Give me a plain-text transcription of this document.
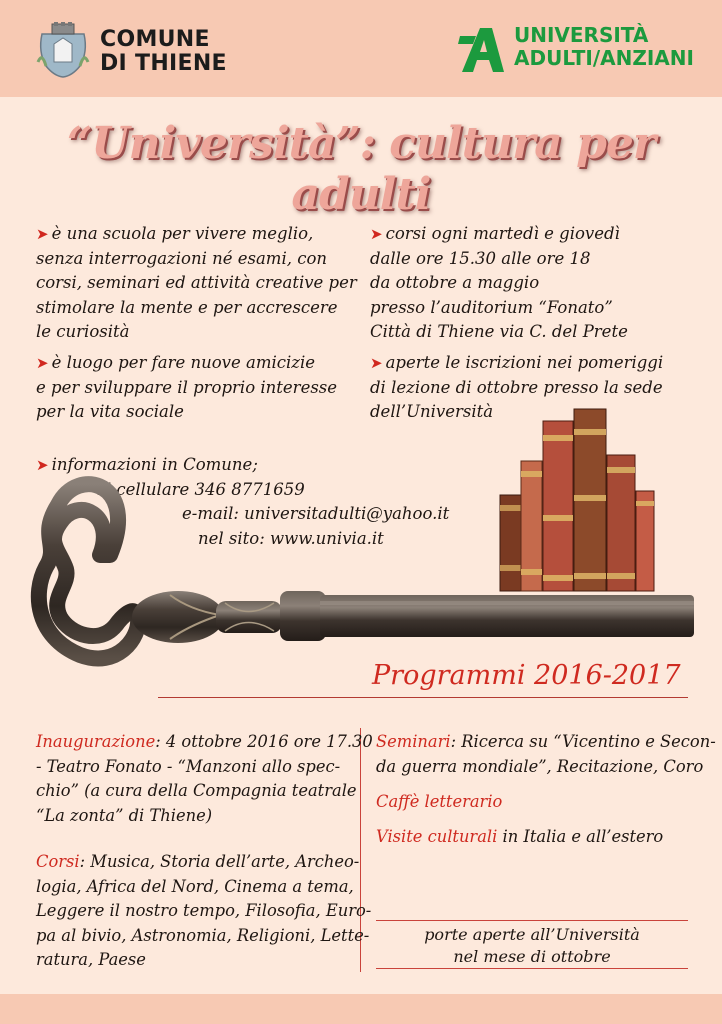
COMUNE
DI THIENE
UNIVERSITÀ
ADULTI/ANZIANI
“Università”: cultura per adulti
➤ è una scuola per vivere meglio,
senza interrogazioni né esami, con
corsi, seminari ed attività creative per
stimolare la mente e per accrescere
le curiosità
➤ è luogo per fare nuove amicizie
e per sviluppare il proprio interesse
per la vita sociale
➤ corsi ogni martedì e giovedì
dalle ore 15.30 alle ore 18
da ottobre a maggio
presso l’auditorium “Fonato”
Città di Thiene via C. del Prete
➤ aperte le iscrizioni nei pomeriggi
di lezione di ottobre presso la sede
dell’Università
➤ informazioni in Comune;
al cellulare 346 8771659
e-mail: universitadulti@yahoo.it
nel sito: www.univia.it
Programmi 2016-2017
Inaugurazione: 4 ottobre 2016 ore 17.30
- Teatro Fonato - “Manzoni allo spec-
chio” (a cura della Compagnia teatrale
“La zonta” di Thiene)
Corsi: Musica, Storia dell’arte, Archeo-
logia, Africa del Nord, Cinema a tema,
Leggere il nostro tempo, Filosofia, Euro-
pa al bivio, Astronomia, Religioni, Lette-
ratura, Paese
Seminari: Ricerca su “Vicentino e Secon-
da guerra mondiale”, Recitazione, Coro
Caffè letterario
Visite culturali in Italia e all’estero
porte aperte all’Università
nel mese di ottobre
